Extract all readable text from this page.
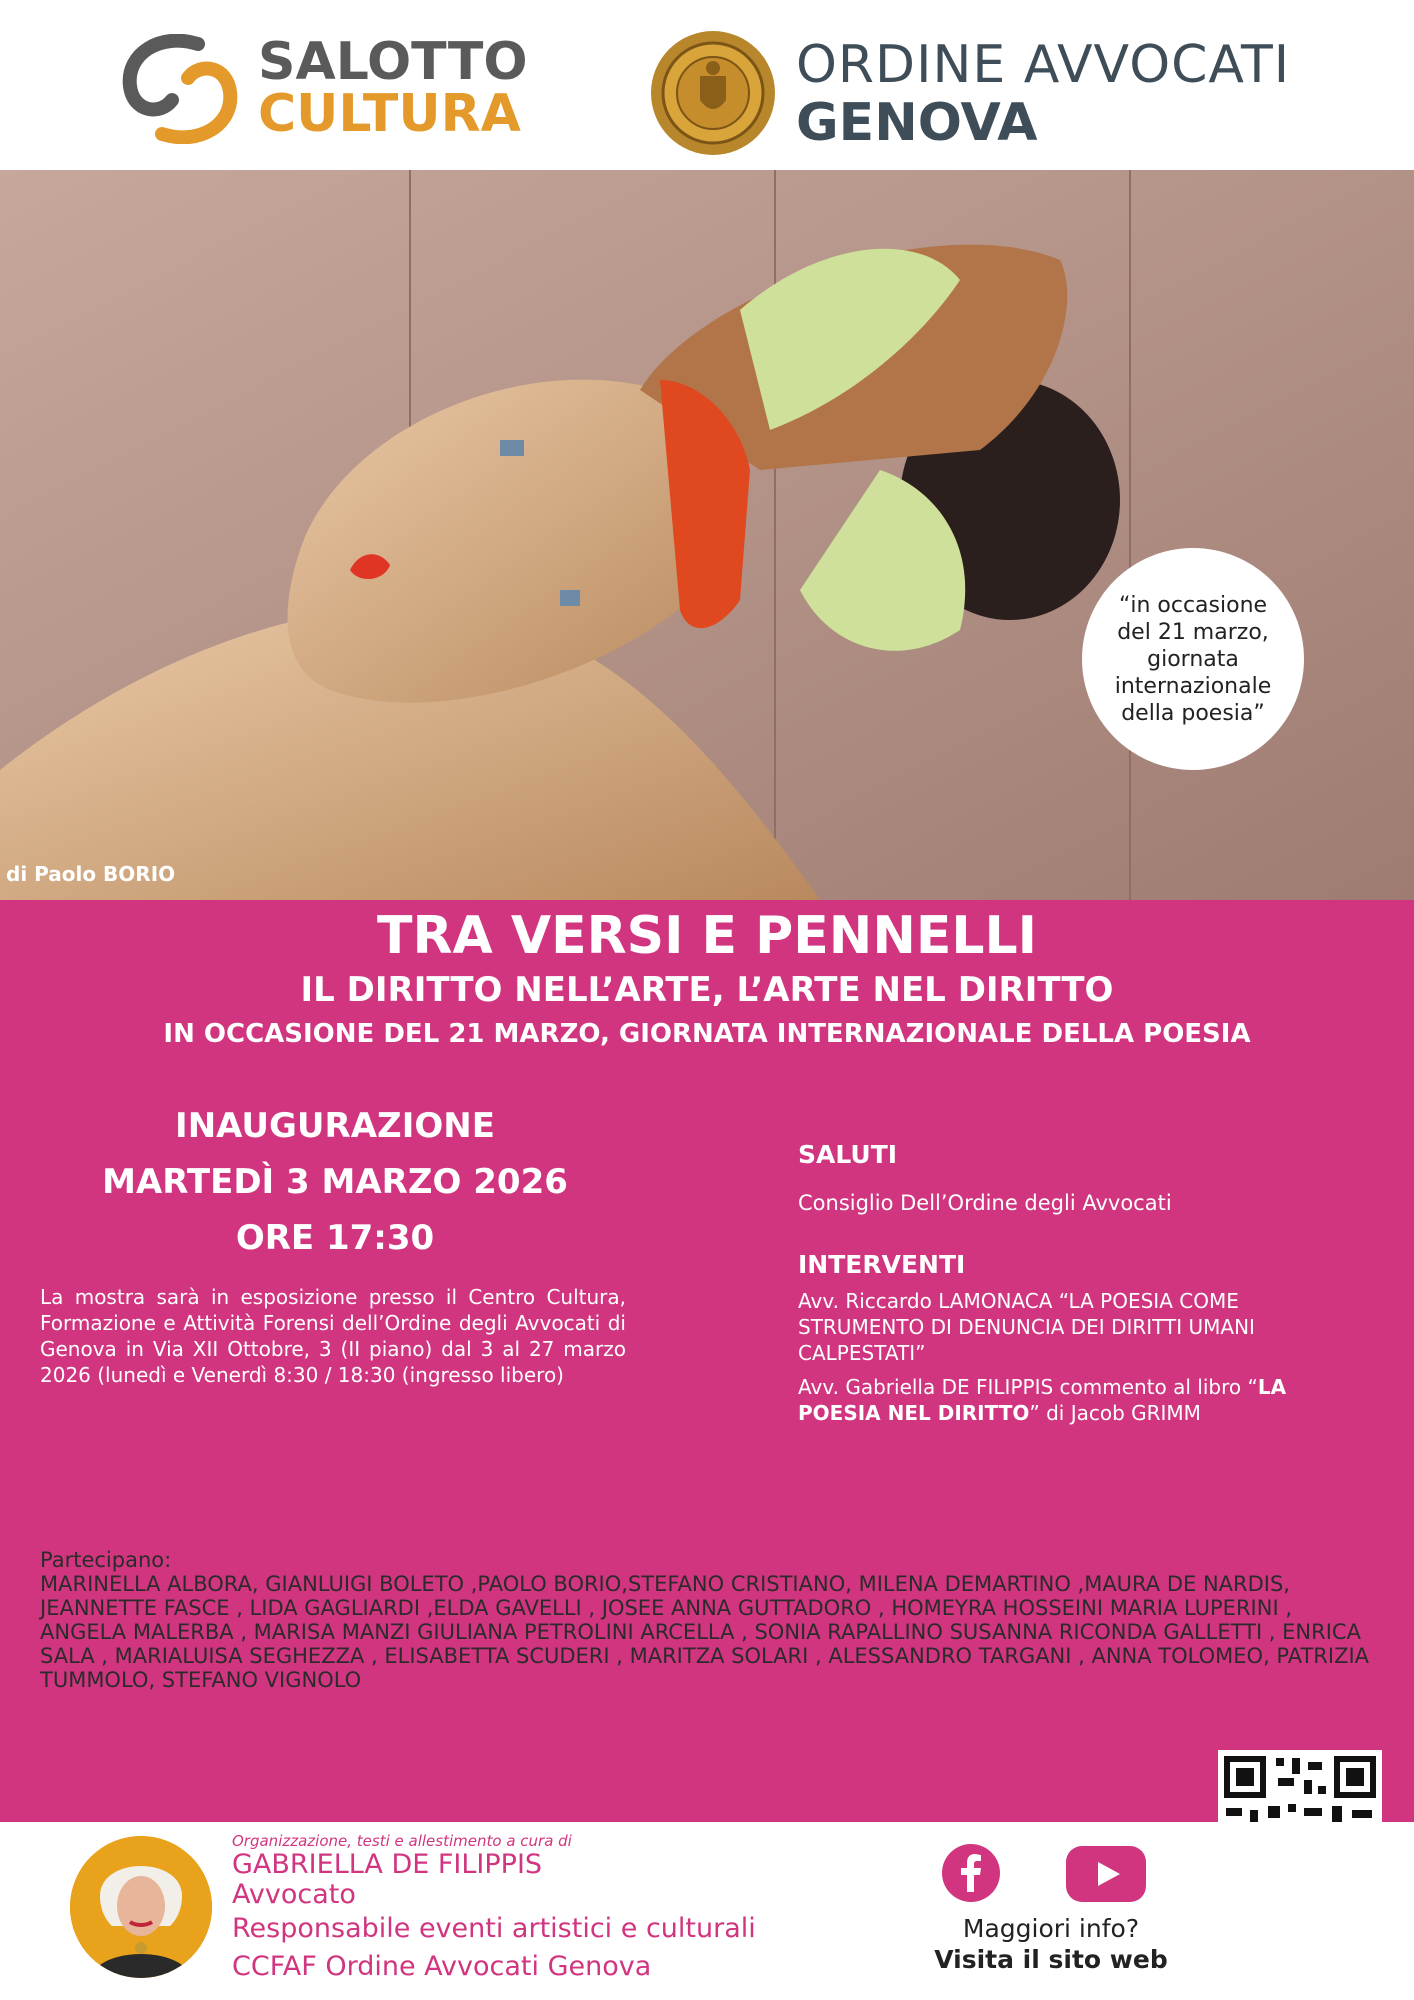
SALOTTO
CULTURA
ORDINE AVVOCATI
GENOVA
di Paolo BORIO
“in occasione del 21 marzo, giornata internazionale della poesia”
TRA VERSI E PENNELLI
IL DIRITTO NELL’ARTE, L’ARTE NEL DIRITTO
IN OCCASIONE DEL 21 MARZO, GIORNATA INTERNAZIONALE DELLA POESIA
INAUGURAZIONE
MARTEDÌ 3 MARZO 2026
ORE 17:30
La mostra sarà in esposizione presso il Centro Cultura, Formazione e Attività Forensi dell’Ordine degli Avvocati di Genova in Via XII Ottobre, 3 (II piano) dal 3 al 27 marzo 2026 (lunedì e Venerdì 8:30 / 18:30 (ingresso libero)
SALUTI
Consiglio Dell’Ordine degli Avvocati
INTERVENTI
Avv. Riccardo LAMONACA “LA POESIA COME STRUMENTO DI DENUNCIA DEI DIRITTI UMANI CALPESTATI”
Avv. Gabriella DE FILIPPIS commento al libro “LA POESIA NEL DIRITTO” di Jacob GRIMM
Partecipano:
MARINELLA ALBORA, GIANLUIGI BOLETO ,PAOLO BORIO,STEFANO CRISTIANO, MILENA DEMARTINO ,MAURA DE NARDIS, JEANNETTE FASCE , LIDA GAGLIARDI ,ELDA GAVELLI , JOSEE ANNA GUTTADORO , HOMEYRA HOSSEINI MARIA LUPERINI , ANGELA MALERBA , MARISA MANZI GIULIANA PETROLINI ARCELLA , SONIA RAPALLINO SUSANNA RICONDA GALLETTI , ENRICA SALA , MARIALUISA SEGHEZZA , ELISABETTA SCUDERI , MARITZA SOLARI , ALESSANDRO TARGANI , ANNA TOLOMEO, PATRIZIA TUMMOLO, STEFANO VIGNOLO
Organizzazione, testi e allestimento a cura di
GABRIELLA DE FILIPPIS
Avvocato
Responsabile eventi artistici e culturali
CCFAF Ordine Avvocati Genova
Maggiori info?
Visita il sito web
